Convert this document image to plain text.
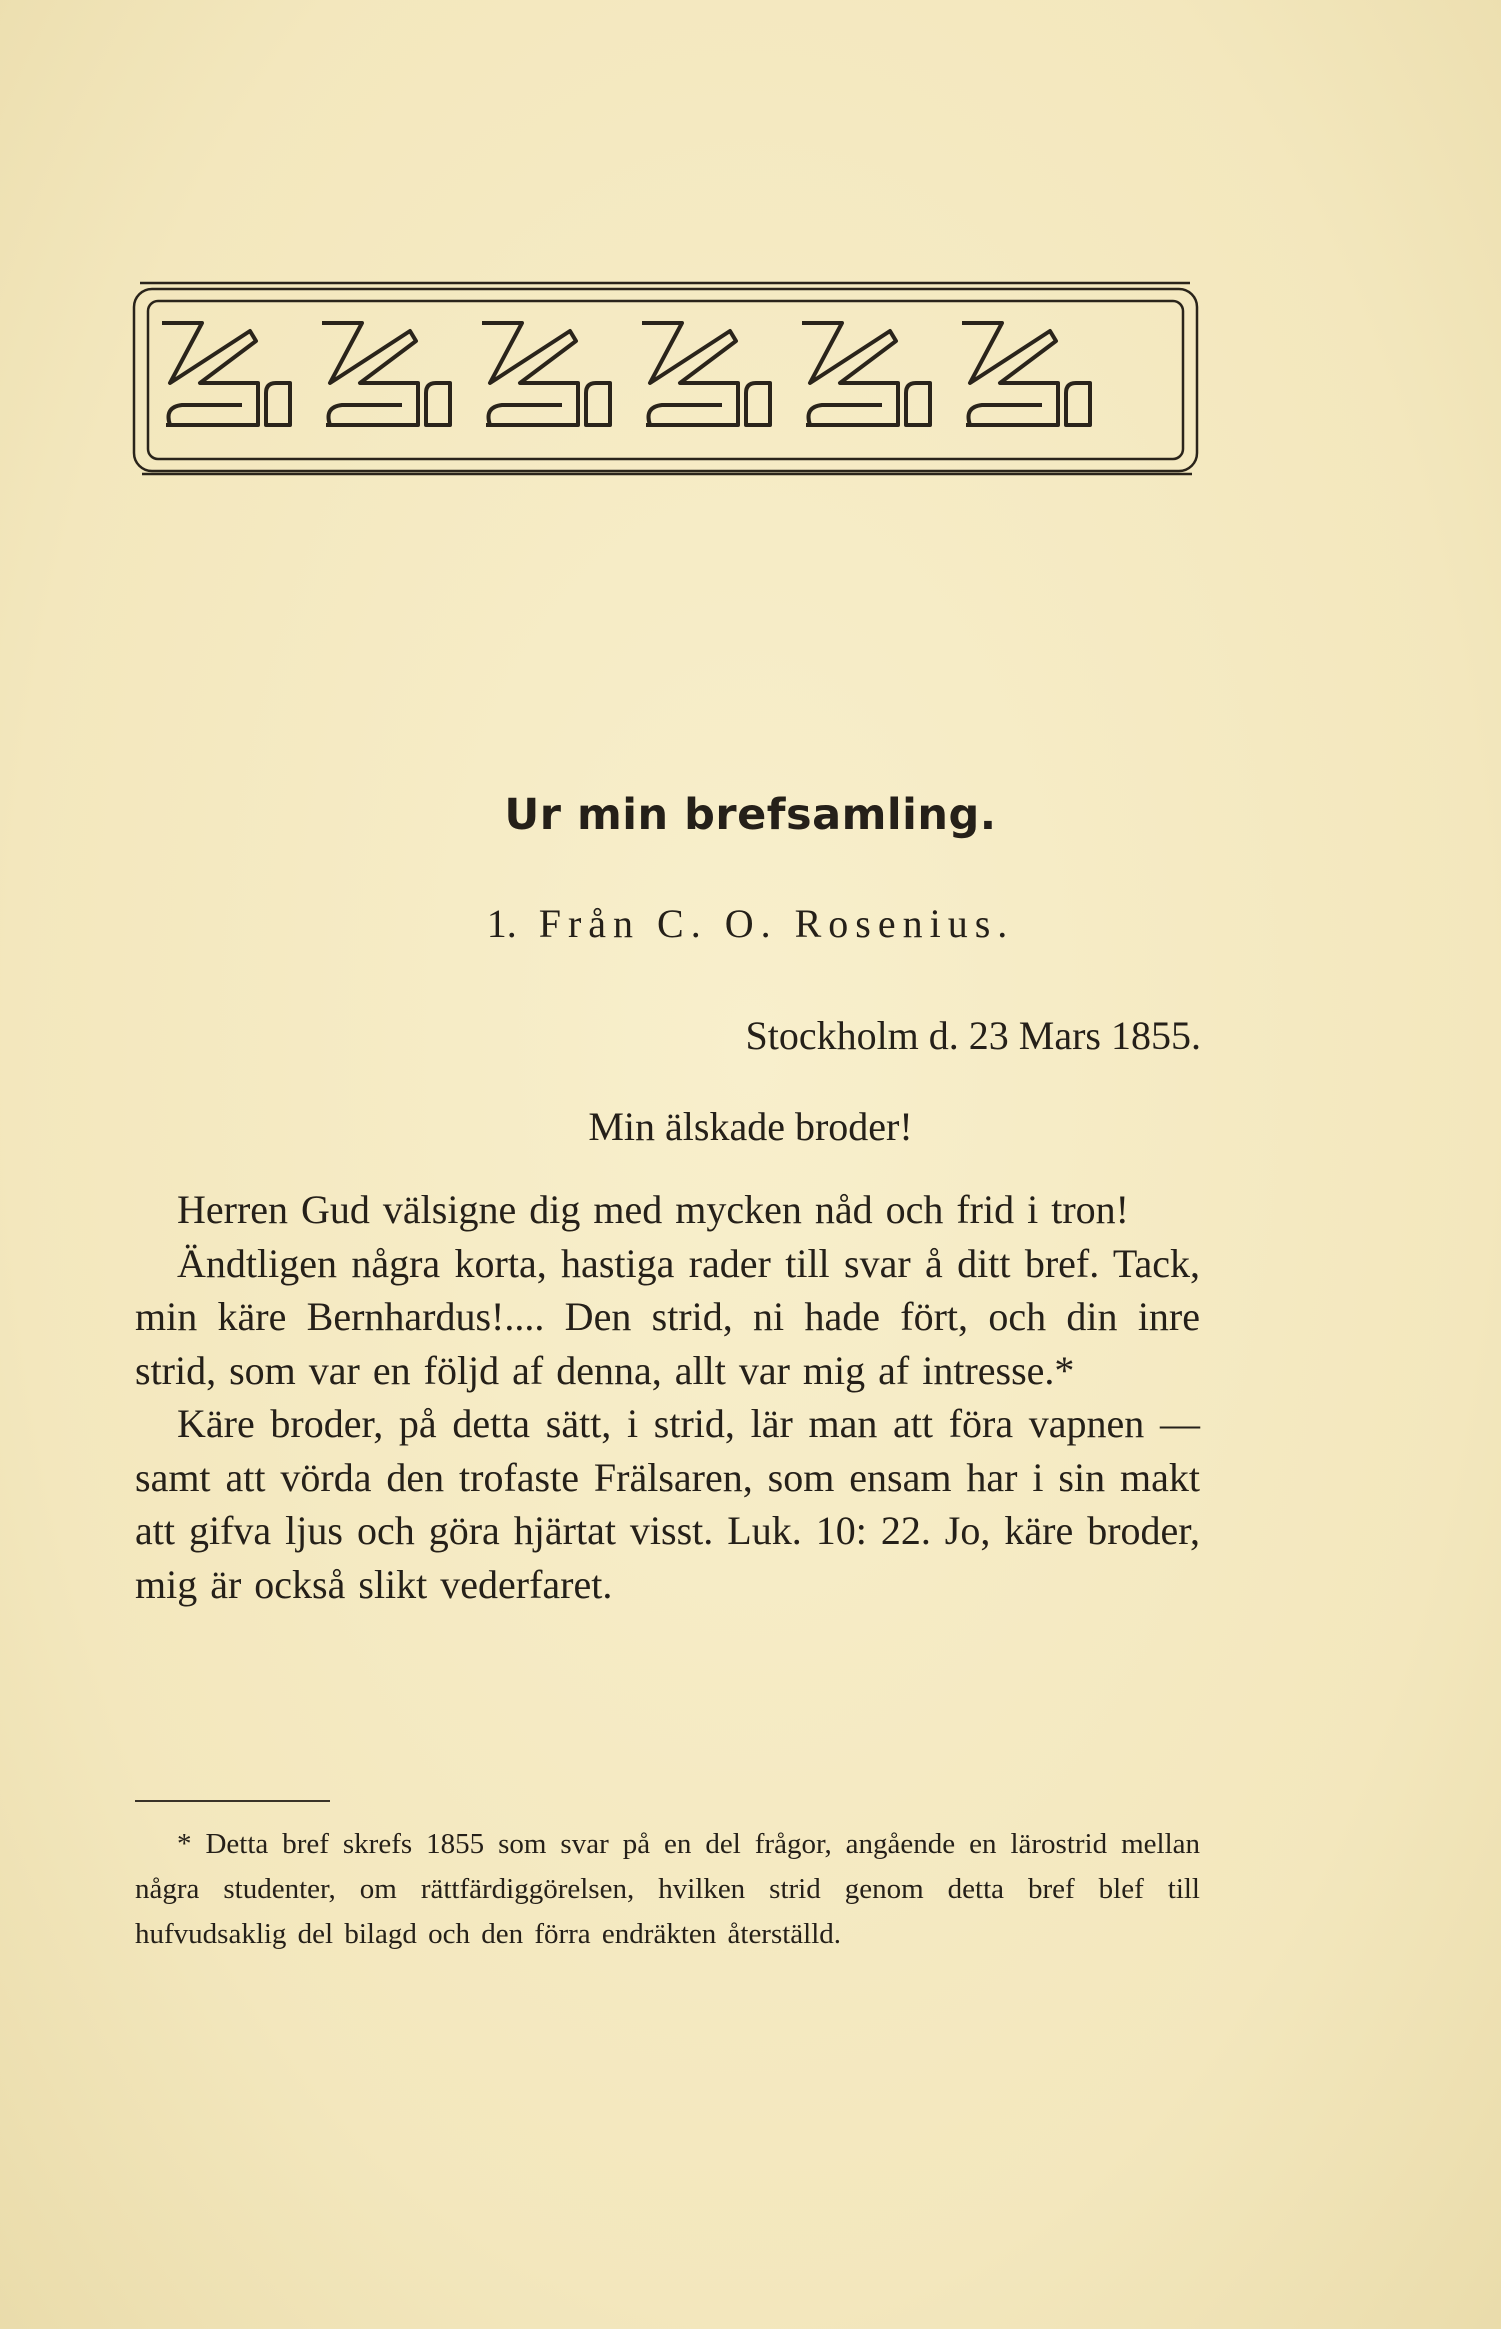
Ur min brefsamling.

1. Från C. O. Rosenius.

Stockholm d. 23 Mars 1855.

Min älskade broder!

Herren Gud välsigne dig med mycken nåd och frid i tron!

Ändtligen några korta, hastiga rader till svar å ditt bref. Tack, min käre Bernhardus!.... Den strid, ni hade fört, och din inre strid, som var en följd af denna, allt var mig af intresse.*

Käre broder, på detta sätt, i strid, lär man att föra vapnen — samt att vörda den trofaste Frälsaren, som ensam har i sin makt att gifva ljus och göra hjärtat visst. Luk. 10: 22. Jo, käre broder, mig är också slikt vederfaret.

* Detta bref skrefs 1855 som svar på en del frågor, angående en lärostrid mellan några studenter, om rättfärdiggörelsen, hvilken strid genom detta bref blef till hufvudsaklig del bilagd och den förra endräkten återställd.
